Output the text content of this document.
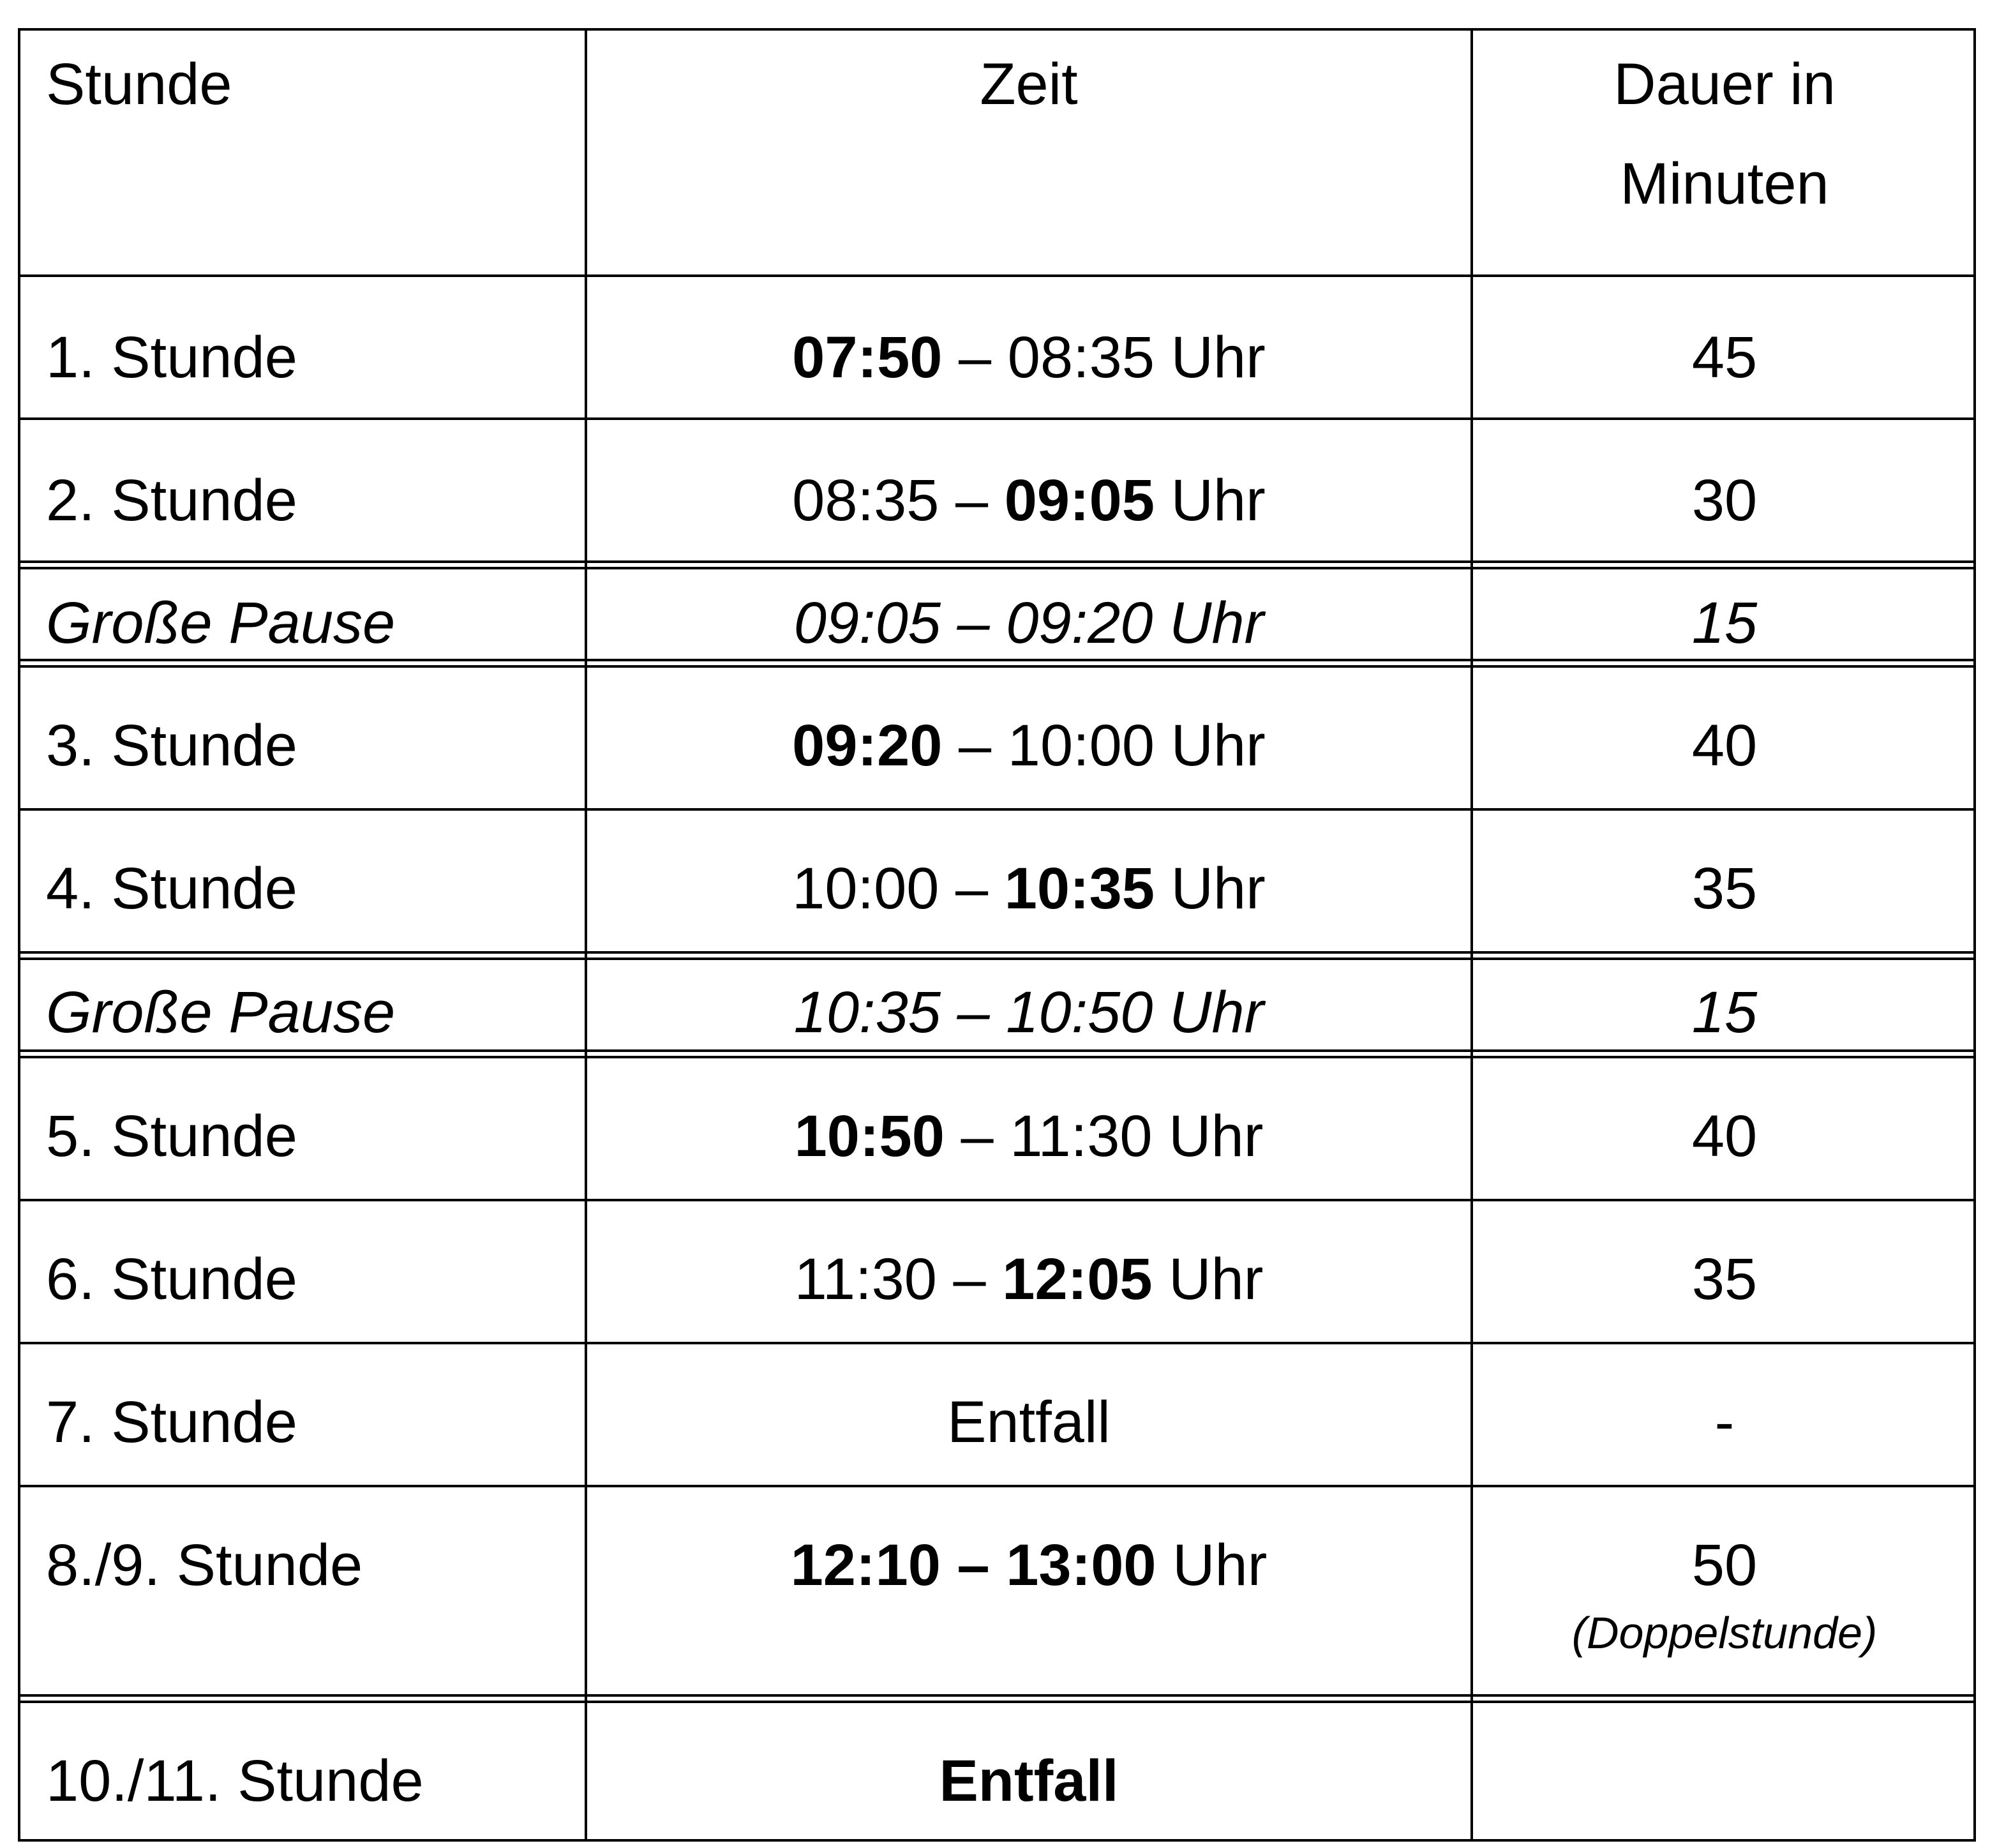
Stunde	Zeit	Dauer in
Minuten
1. Stunde	07:50 – 08:35 Uhr	45
2. Stunde	08:35 – 09:05 Uhr	30
Große Pause	09:05 – 09:20 Uhr	15
3. Stunde	09:20 – 10:00 Uhr	40
4. Stunde	10:00 – 10:35 Uhr	35
Große Pause	10:35 – 10:50 Uhr	15
5. Stunde	10:50 – 11:30 Uhr	40
6. Stunde	11:30 – 12:05 Uhr	35
7. Stunde	Entfall	-
8./9. Stunde	12:10 – 13:00 Uhr	50
(Doppelstunde)
10./11. Stunde	Entfall
